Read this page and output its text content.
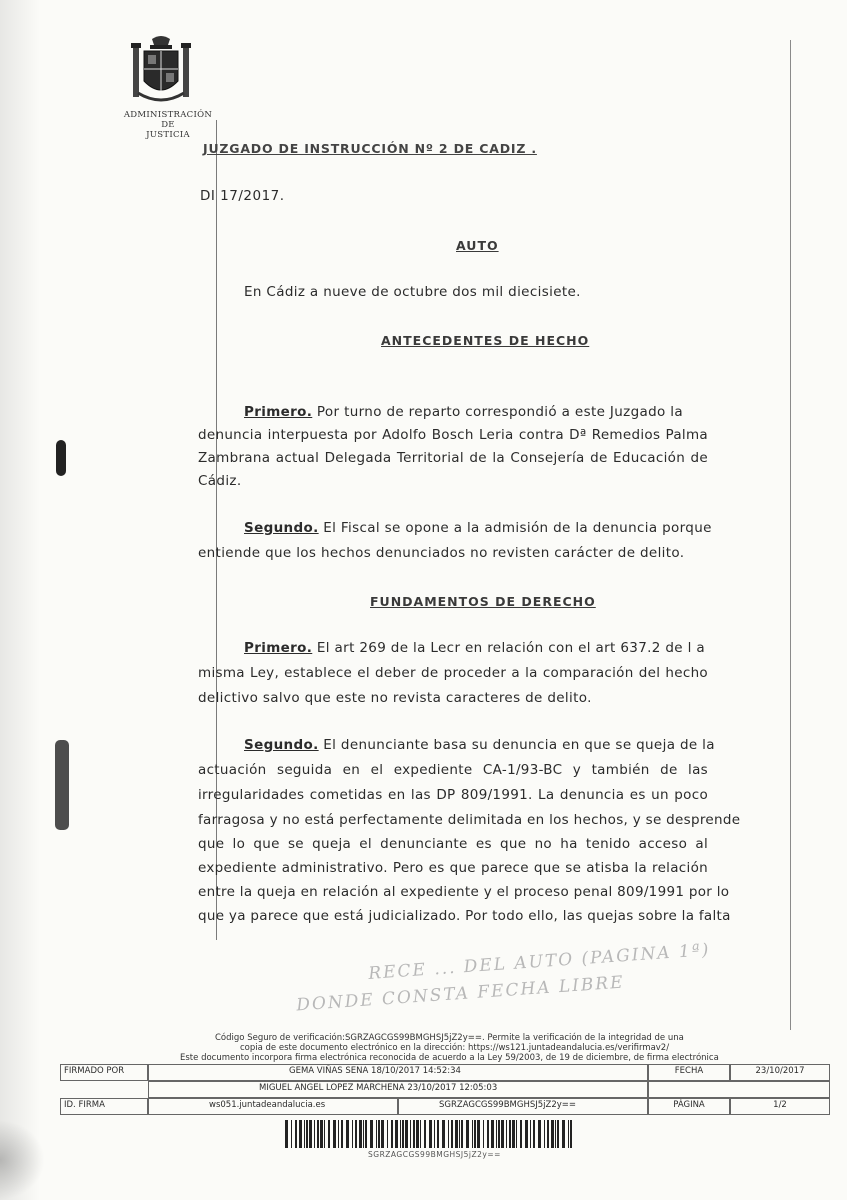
ADMINISTRACIÓN
DE
JUSTICIA
JUZGADO DE INSTRUCCIÓN Nº 2 DE CADIZ .
DI 17/2017.
AUTO
En Cádiz a nueve de octubre dos mil diecisiete.
ANTECEDENTES DE HECHO
Primero. Por turno de reparto correspondió a este Juzgado la
denuncia interpuesta por Adolfo Bosch Leria contra Dª Remedios Palma
Zambrana actual Delegada Territorial de la Consejería de Educación de
Cádiz.
Segundo. El Fiscal se opone a la admisión de la denuncia porque
entiende que los hechos denunciados no revisten carácter de delito.
FUNDAMENTOS DE DERECHO
Primero. El art 269 de la Lecr en relación con el art 637.2 de l a
misma Ley, establece el deber de proceder a la comparación del hecho
delictivo salvo que este no revista caracteres de delito.
Segundo. El denunciante basa su denuncia en que se queja de la
actuación seguida en el expediente CA-1/93-BC y también de las
irregularidades cometidas en las DP 809/1991. La denuncia es un poco
farragosa y no está perfectamente delimitada en los hechos, y se desprende
que lo que se queja el denunciante es que no ha tenido acceso al
expediente administrativo. Pero es que parece que se atisba la relación
entre la queja en relación al expediente y el proceso penal 809/1991 por lo
que ya parece que está judicializado. Por todo ello, las quejas sobre la falta
RECE ... DEL AUTO (PAGINA 1ª)
DONDE CONSTA FECHA LIBRE
Código Seguro de verificación:SGRZAGCGS99BMGHSJ5jZ2y==. Permite la verificación de la integridad de una
copia de este documento electrónico en la dirección: https://ws121.juntadeandalucia.es/verifirmav2/
Este documento incorpora firma electrónica reconocida de acuerdo a la Ley 59/2003, de 19 de diciembre, de firma electrónica
FIRMADO POR	GEMA VIÑAS SENA 18/10/2017 14:52:34	FECHA	23/10/2017
MIGUEL ANGEL LOPEZ MARCHENA 23/10/2017 12:05:03
ID. FIRMA	ws051.juntadeandalucia.es	SGRZAGCGS99BMGHSJ5jZ2y==	PÁGINA	1/2
SGRZAGCGS99BMGHSJ5jZ2y==
